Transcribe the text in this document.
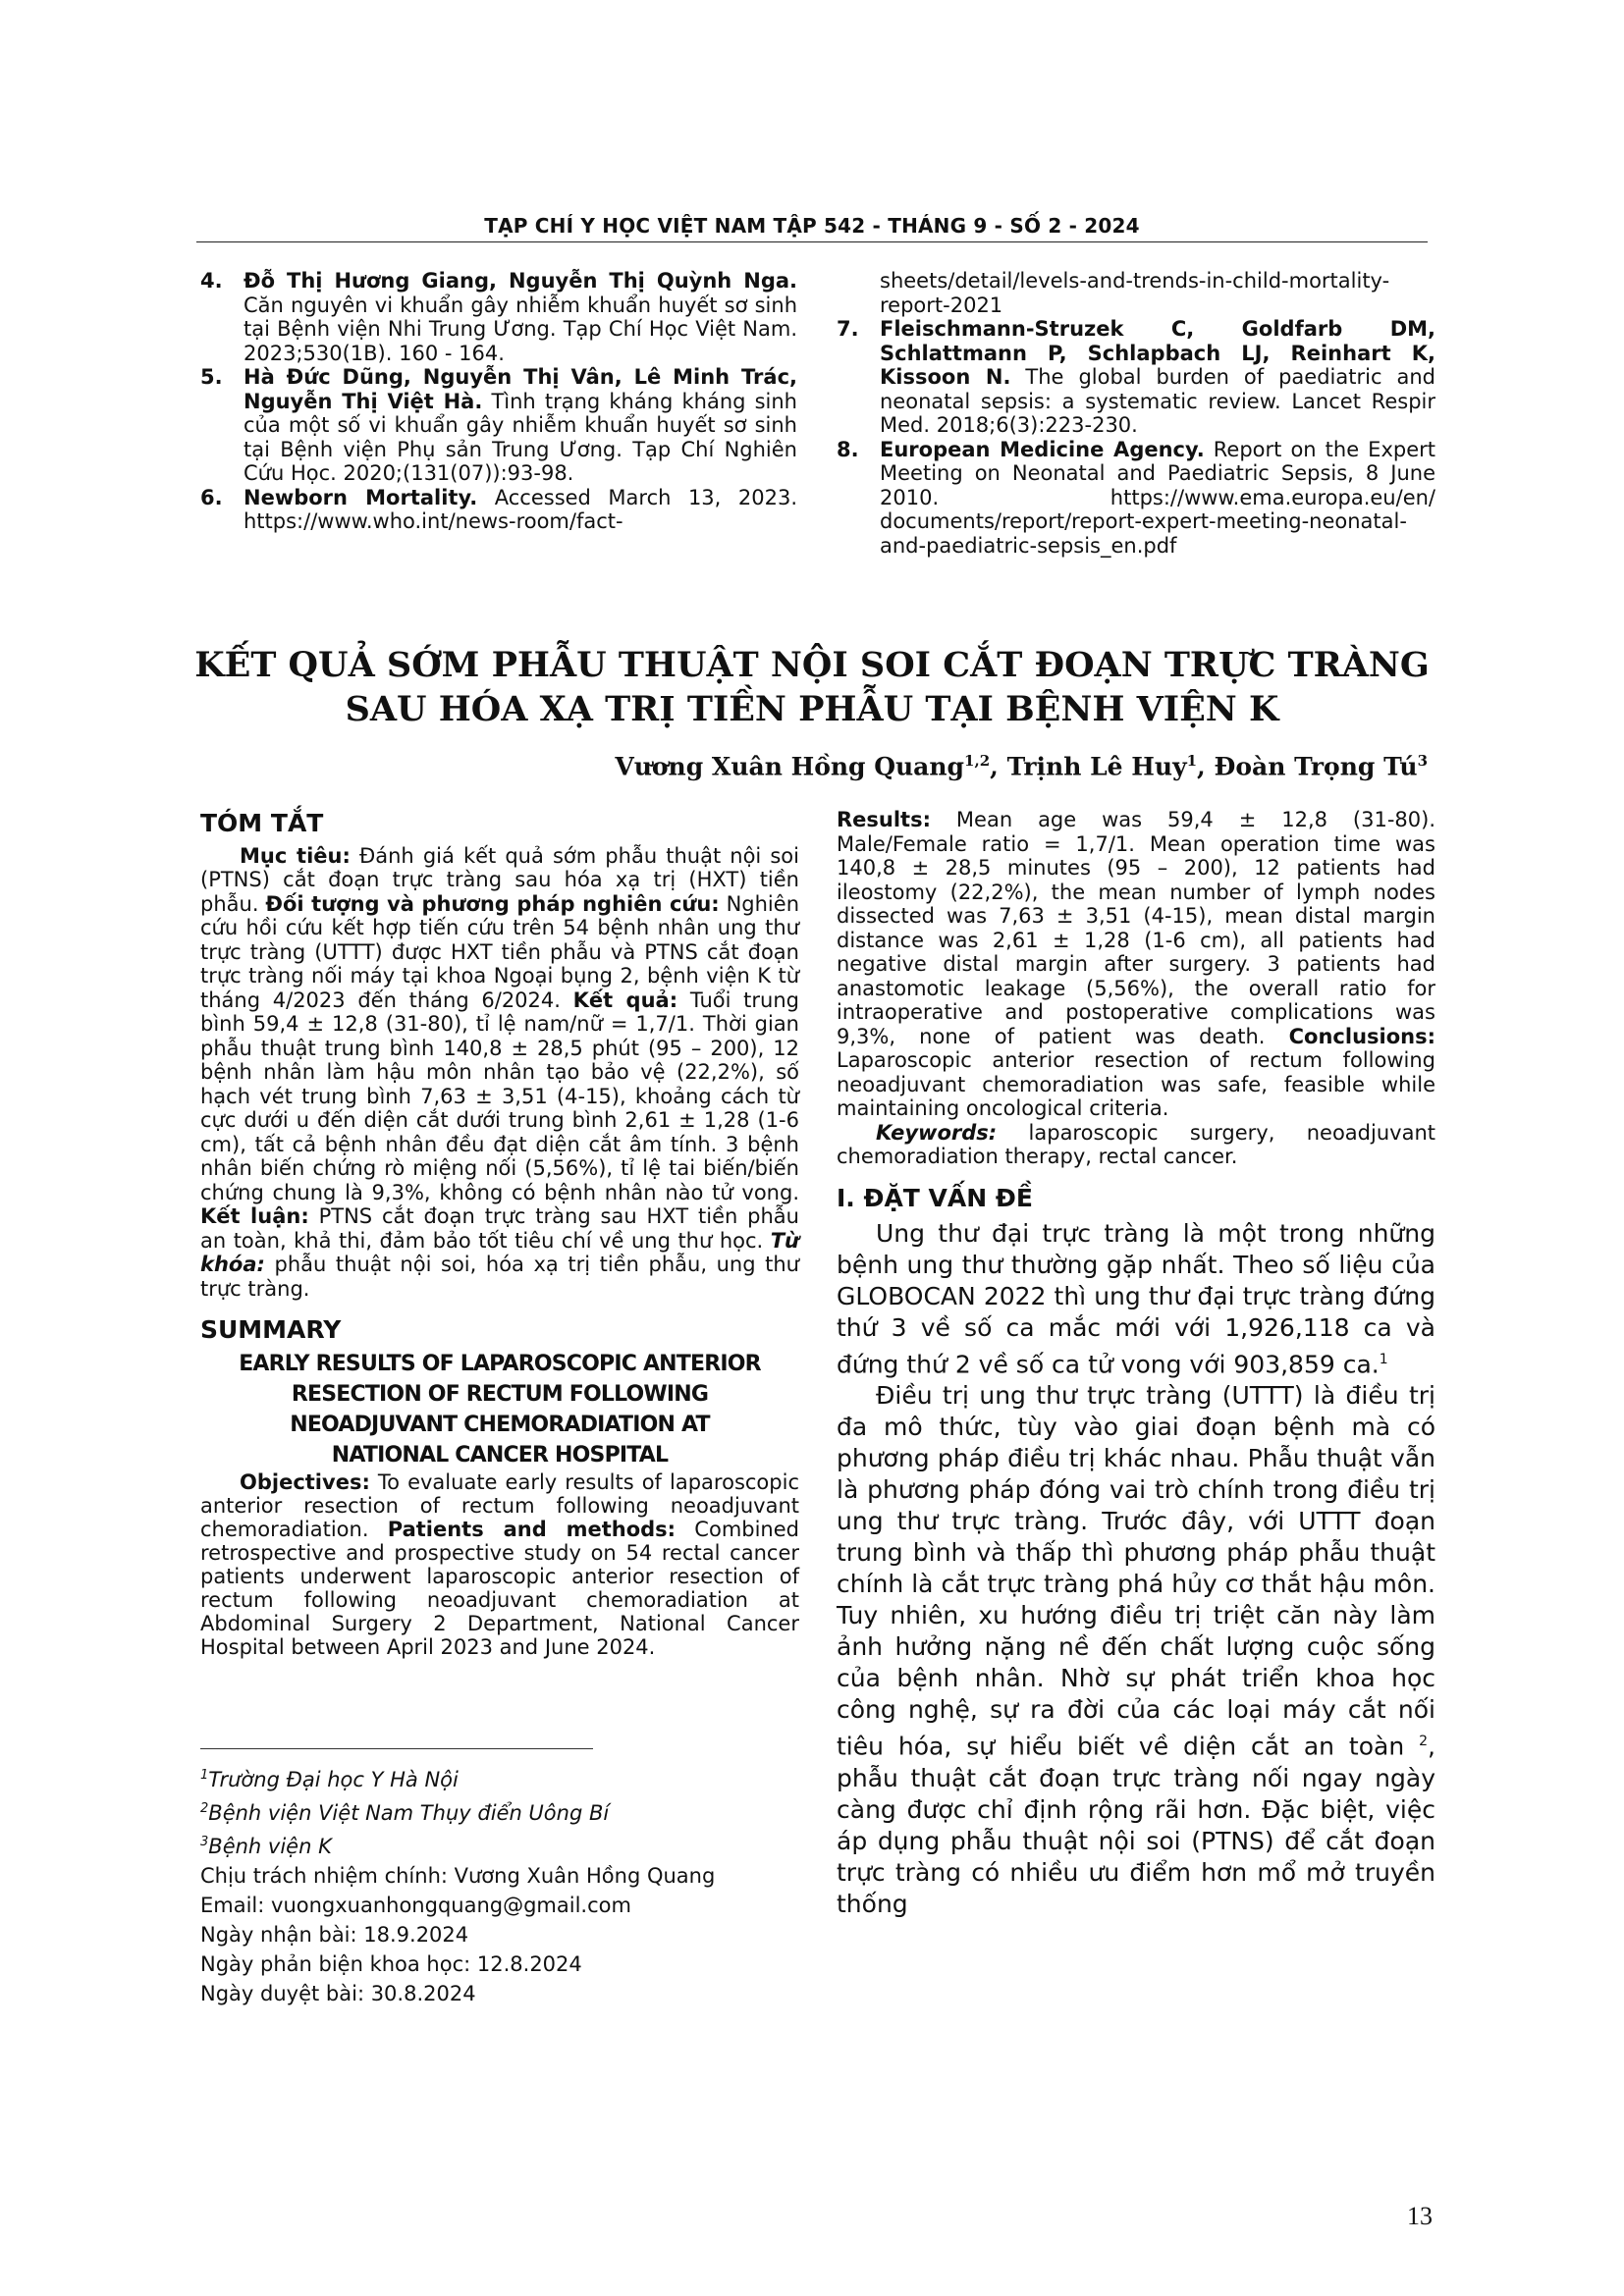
TẠP CHÍ Y HỌC VIỆT NAM TẬP 542 - THÁNG 9 - SỐ 2 - 2024

4. Đỗ Thị Hương Giang, Nguyễn Thị Quỳnh Nga. Căn nguyên vi khuẩn gây nhiễm khuẩn huyết sơ sinh tại Bệnh viện Nhi Trung Ương. Tạp Chí Học Việt Nam. 2023;530(1B). 160 - 164.

5. Hà Đức Dũng, Nguyễn Thị Vân, Lê Minh Trác, Nguyễn Thị Việt Hà. Tình trạng kháng kháng sinh của một số vi khuẩn gây nhiễm khuẩn huyết sơ sinh tại Bệnh viện Phụ sản Trung Ương. Tạp Chí Nghiên Cứu Học. 2020;(131(07)):93-98.

6. Newborn Mortality. Accessed March 13, 2023. https://www.who.int/news-room/fact-

sheets/detail/levels-and-trends-in-child-mortality-report-2021

7. Fleischmann-Struzek C, Goldfarb DM, Schlattmann P, Schlapbach LJ, Reinhart K, Kissoon N. The global burden of paediatric and neonatal sepsis: a systematic review. Lancet Respir Med. 2018;6(3):223-230.

8. European Medicine Agency. Report on the Expert Meeting on Neonatal and Paediatric Sepsis, 8 June 2010. https://www.ema.europa.eu/en/ documents/report/report-expert-meeting-neonatal-and-paediatric-sepsis_en.pdf

KẾT QUẢ SỚM PHẪU THUẬT NỘI SOI CẮT ĐOẠN TRỰC TRÀNG
SAU HÓA XẠ TRỊ TIỀN PHẪU TẠI BỆNH VIỆN K
Vương Xuân Hồng Quang$^{1,2}$, Trịnh Lê Huy$^1$, Đoàn Trọng $Tú^3$
TÓM TẮT

Mục tiêu: Đánh giá kết quả sớm phẫu thuật nội soi (PTNS) cắt đoạn trực tràng sau hóa xạ trị (HXT) tiền phẫu. Đối tượng và phương pháp nghiên cứu: Nghiên cứu hồi cứu kết hợp tiến cứu trên 54 bệnh nhân ung thư trực tràng (UTTT) được HXT tiền phẫu và PTNS cắt đoạn trực tràng nối máy tại khoa Ngoại bụng 2, bệnh viện K từ tháng 4/2023 đến tháng 6/2024. Kết quả: Tuổi trung bình 59,4 ± 12,8 (31-80), tỉ lệ nam/nữ = 1,7/1. Thời gian phẫu thuật trung bình 140,8 ± 28,5 phút (95 – 200), 12 bệnh nhân làm hậu môn nhân tạo bảo vệ (22,2%), số hạch vét trung bình 7,63 ± 3,51 (4-15), khoảng cách từ cực dưới u đến diện cắt dưới trung bình 2,61 ± 1,28 (1-6 cm), tất cả bệnh nhân đều đạt diện cắt âm tính. 3 bệnh nhân biến chứng rò miệng nối (5,56%), tỉ lệ tai biến/biến chứng chung là 9,3%, không có bệnh nhân nào tử vong. Kết luận: PTNS cắt đoạn trực tràng sau HXT tiền phẫu an toàn, khả thi, đảm bảo tốt tiêu chí về ung thư học. Từ khóa: phẫu thuật nội soi, hóa xạ trị tiền phẫu, ung thư trực tràng.

SUMMARY

EARLY RESULTS OF LAPAROSCOPIC ANTERIOR

RESECTION OF RECTUM FOLLOWING

NEOADJUVANT CHEMORADIATION AT

NATIONAL CANCER HOSPITAL

Objectives: To evaluate early results of laparoscopic anterior resection of rectum following neoadjuvant chemoradiation. Patients and methods: Combined retrospective and prospective study on 54 rectal cancer patients underwent laparoscopic anterior resection of rectum following neoadjuvant chemoradiation at Abdominal Surgery 2 Department, National Cancer Hospital between April 2023 and June 2024.

Results: Mean age was 59,4 ± 12,8 (31-80). Male/Female ratio = 1,7/1. Mean operation time was 140,8 ± 28,5 minutes (95 – 200), 12 patients had ileostomy (22,2%), the mean number of lymph nodes dissected was 7,63 ± 3,51 (4-15), mean distal margin distance was 2,61 ± 1,28 (1-6 cm), all patients had negative distal margin after surgery. 3 patients had anastomotic leakage (5,56%), the overall ratio for intraoperative and postoperative complications was 9,3%, none of patient was death. Conclusions: Laparoscopic anterior resection of rectum following neoadjuvant chemoradiation was safe, feasible while maintaining oncological criteria.

Keywords: laparoscopic surgery, neoadjuvant chemoradiation therapy, rectal cancer.

I. ĐẶT VẤN ĐỀ

Ung thư đại trực tràng là một trong những bệnh ung thư thường gặp nhất. Theo số liệu của GLOBOCAN 2022 thì ung thư đại trực tràng đứng thứ 3 về số ca mắc mới với 1,926,118 ca và đứng thứ 2 về số ca tử vong với 903,859 ca.$^1$

Điều trị ung thư trực tràng (UTTT) là điều trị đa mô thức, tùy vào giai đoạn bệnh mà có phương pháp điều trị khác nhau. Phẫu thuật vẫn là phương pháp đóng vai trò chính trong điều trị ung thư trực tràng. Trước đây, với UTTT đoạn trung bình và thấp thì phương pháp phẫu thuật chính là cắt trực tràng phá hủy cơ thắt hậu môn. Tuy nhiên, xu hướng điều trị triệt căn này làm ảnh hưởng nặng nề đến chất lượng cuộc sống của bệnh nhân. Nhờ sự phát triển khoa học công nghệ, sự ra đời của các loại máy cắt nối tiêu hóa, sự hiểu biết về diện cắt an toàn $^2$, phẫu thuật cắt đoạn trực tràng nối ngay ngày càng được chỉ định rộng rãi hơn. Đặc biệt, việc áp dụng phẫu thuật nội soi (PTNS) để cắt đoạn trực tràng có nhiều ưu điểm hơn mổ mở truyền thống

$^1$Trường Đại học Y Hà Nội

$^2$Bệnh viện Việt Nam Thụy điển Uông Bí

$^3$Bệnh viện K

Chịu trách nhiệm chính: Vương Xuân Hồng Quang

Email: vuongxuanhongquang@gmail.com

Ngày nhận bài: 18.9.2024

Ngày phản biện khoa học: 12.8.2024

Ngày duyệt bài: 30.8.2024

13
